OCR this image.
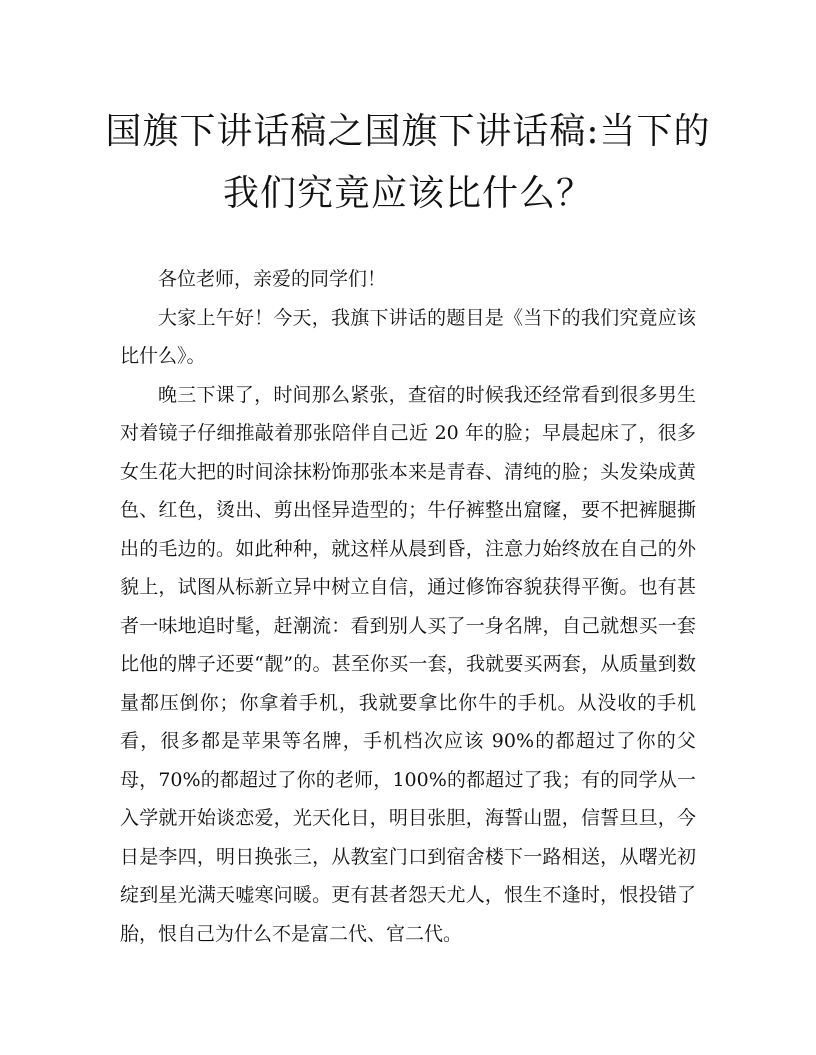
国旗下讲话稿之国旗下讲话稿:当下的
我们究竟应该比什么？

各位老师，亲爱的同学们！

大家上午好！今天，我旗下讲话的题目是《当下的我们究竟应该比什么》。

晚三下课了，时间那么紧张，查宿的时候我还经常看到很多男生对着镜子仔细推敲着那张陪伴自己近 20 年的脸；早晨起床了，很多女生花大把的时间涂抹粉饰那张本来是青春、清纯的脸；头发染成黄色、红色，烫出、剪出怪异造型的；牛仔裤整出窟窿，要不把裤腿撕出的毛边的。如此种种，就这样从晨到昏，注意力始终放在自己的外貌上，试图从标新立异中树立自信，通过修饰容貌获得平衡。也有甚者一味地追时髦，赶潮流：看到别人买了一身名牌，自己就想买一套比他的牌子还要“靓”的。甚至你买一套，我就要买两套，从质量到数量都压倒你；你拿着手机，我就要拿比你牛的手机。从没收的手机看，很多都是苹果等名牌，手机档次应该 90%的都超过了你的父母，70%的都超过了你的老师，100%的都超过了我；有的同学从一入学就开始谈恋爱，光天化日，明目张胆，海誓山盟，信誓旦旦，今日是李四，明日换张三，从教室门口到宿舍楼下一路相送，从曙光初绽到星光满天嘘寒问暖。更有甚者怨天尤人，恨生不逢时，恨投错了胎，恨自己为什么不是富二代、官二代。
